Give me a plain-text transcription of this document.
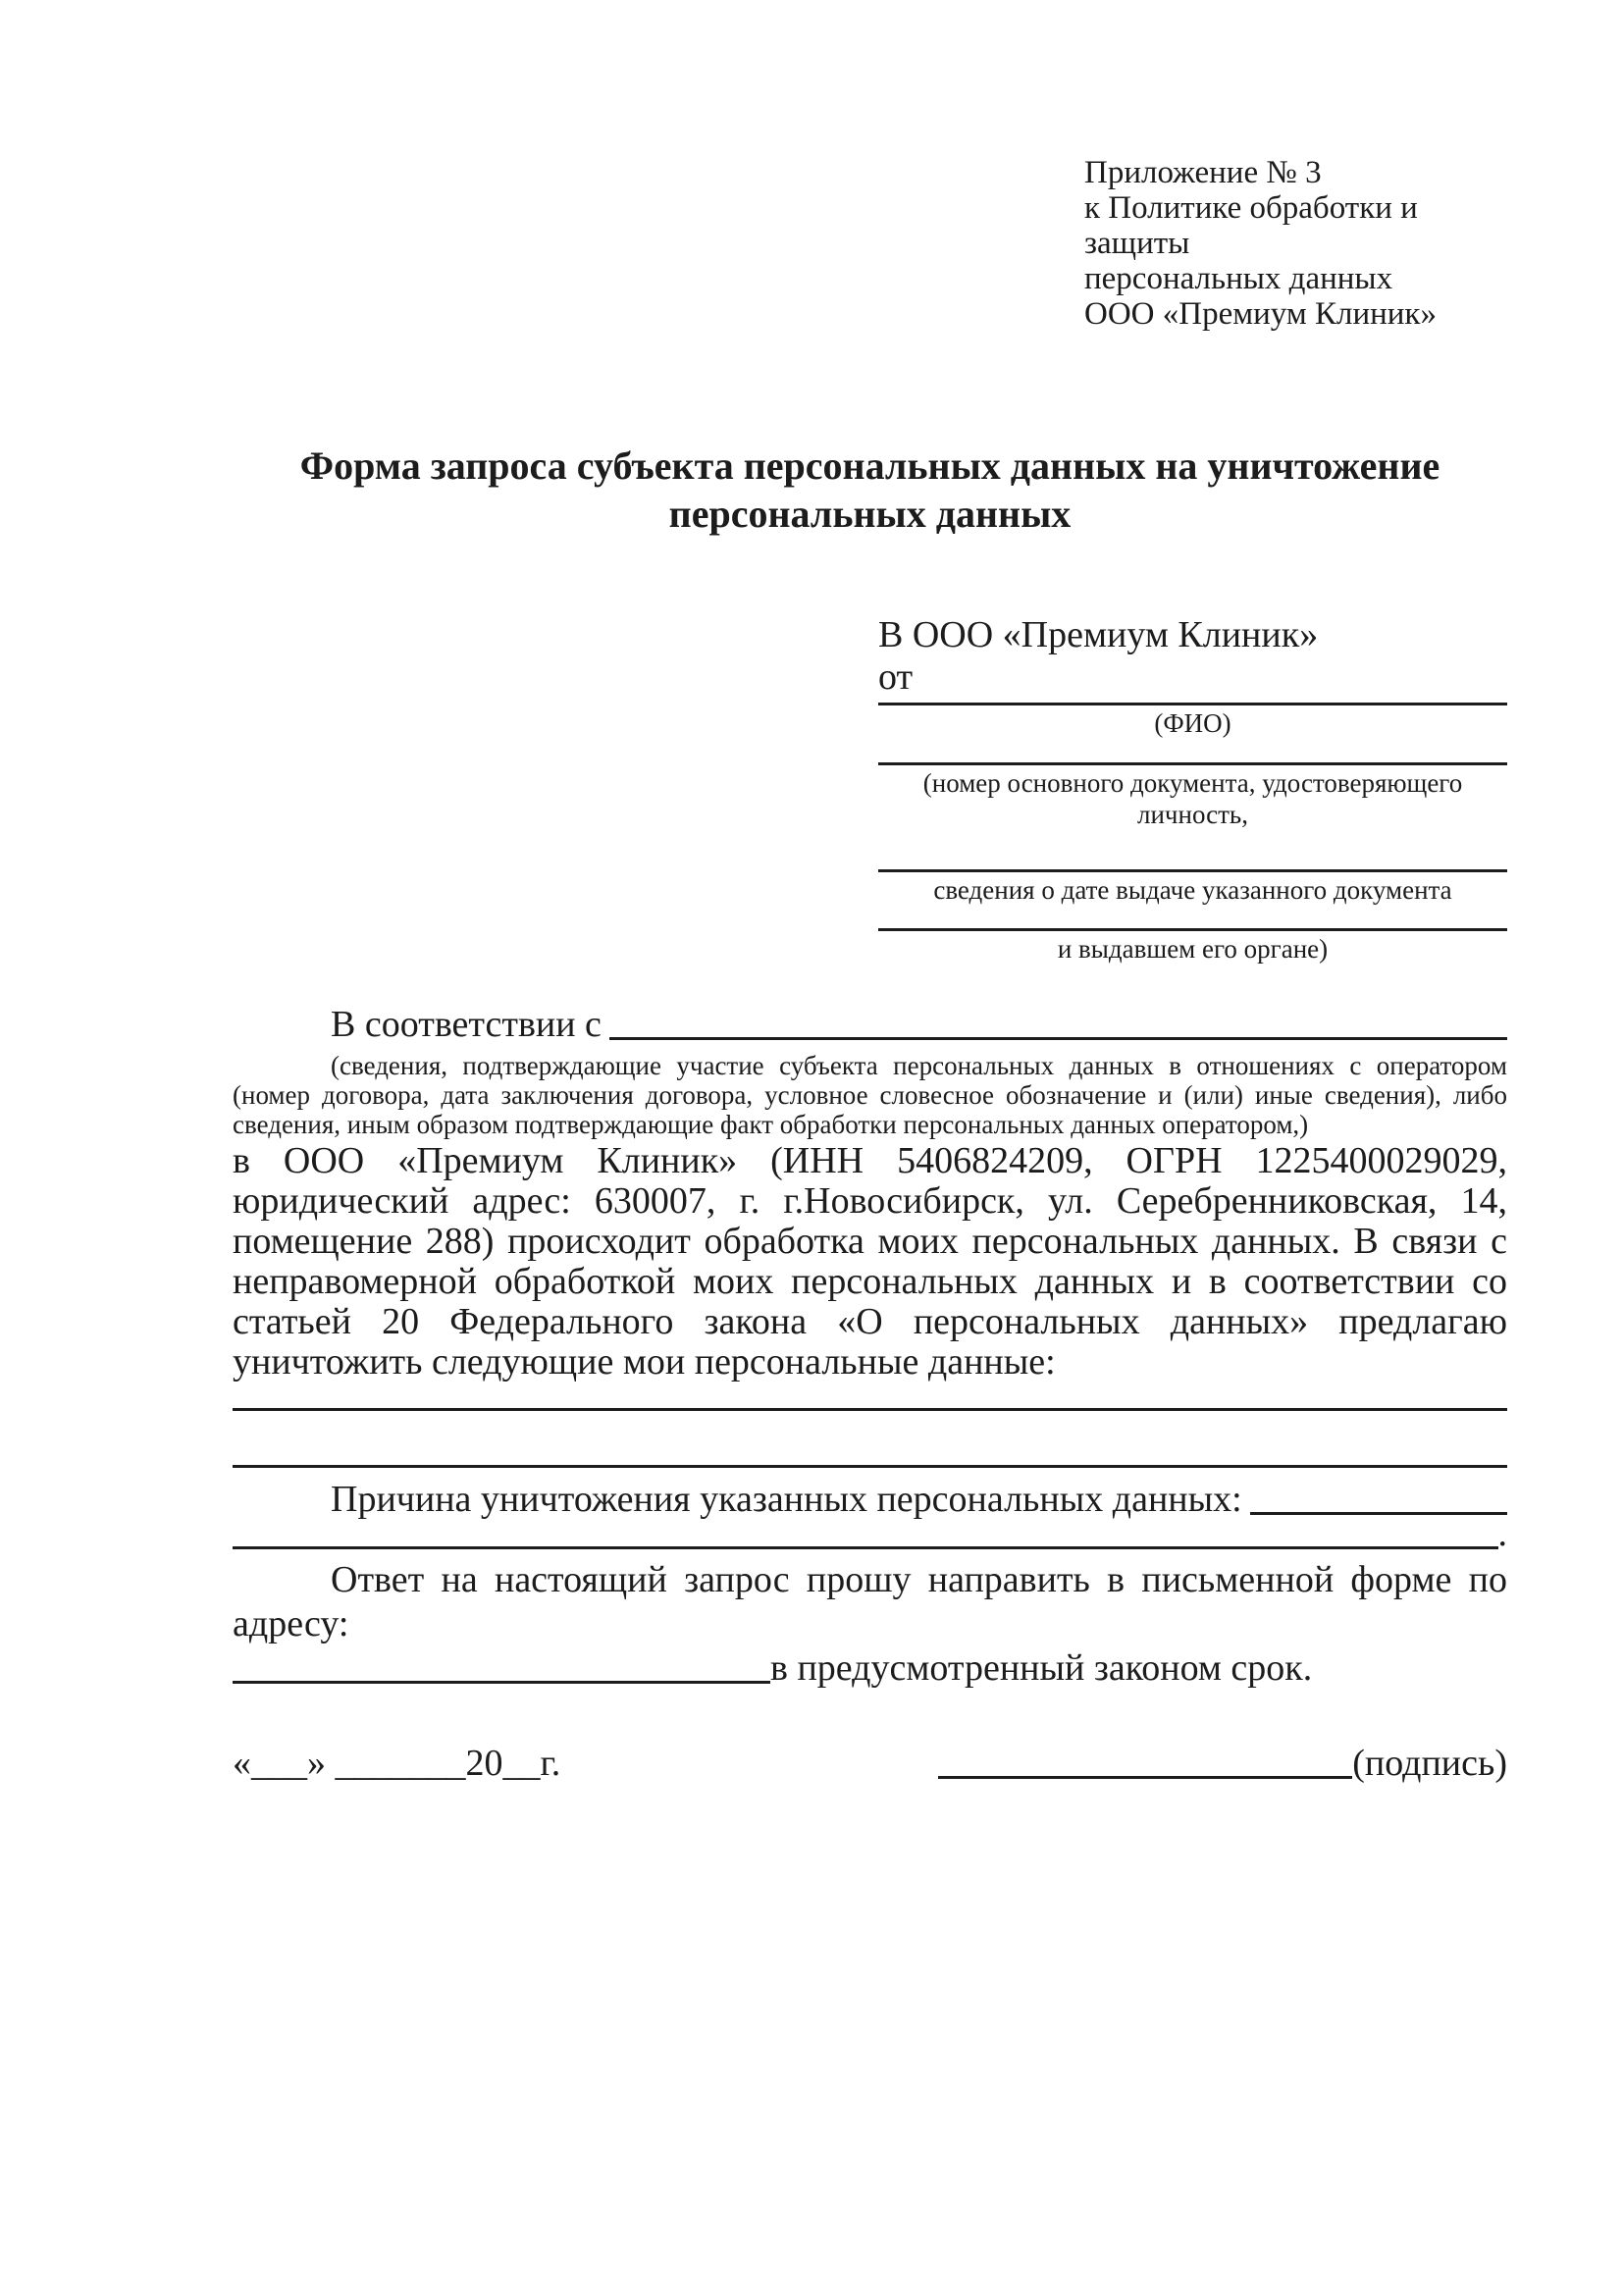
Приложение № 3
к Политике обработки и защиты
персональных данных
ООО «Премиум Клиник»
Форма запроса субъекта персональных данных на уничтожение персональных данных
В ООО «Премиум Клиник»
от
(ФИО)
(номер основного документа, удостоверяющего личность,
сведения о дате выдаче указанного документа
и выдавшем его органе)
В соответствии с
(сведения, подтверждающие участие субъекта персональных данных в отношениях с оператором (номер договора, дата заключения договора, условное словесное обозначение и (или) иные сведения), либо сведения, иным образом подтверждающие факт обработки персональных данных оператором,)
в ООО «Премиум Клиник» (ИНН 5406824209, ОГРН 1225400029029, юридический адрес: 630007, г. г.Новосибирск, ул. Серебренниковская, 14, помещение 288) происходит обработка моих персональных данных. В связи с неправомерной обработкой моих персональных данных и в соответствии со статьей 20 Федерального закона «О персональных данных» предлагаю уничтожить следующие мои персональные данные:
Причина уничтожения указанных персональных данных:
.
Ответ на настоящий запрос прошу направить в письменной форме по адресу:
в предусмотренный законом срок.
«___» _______20__г.	(подпись)
